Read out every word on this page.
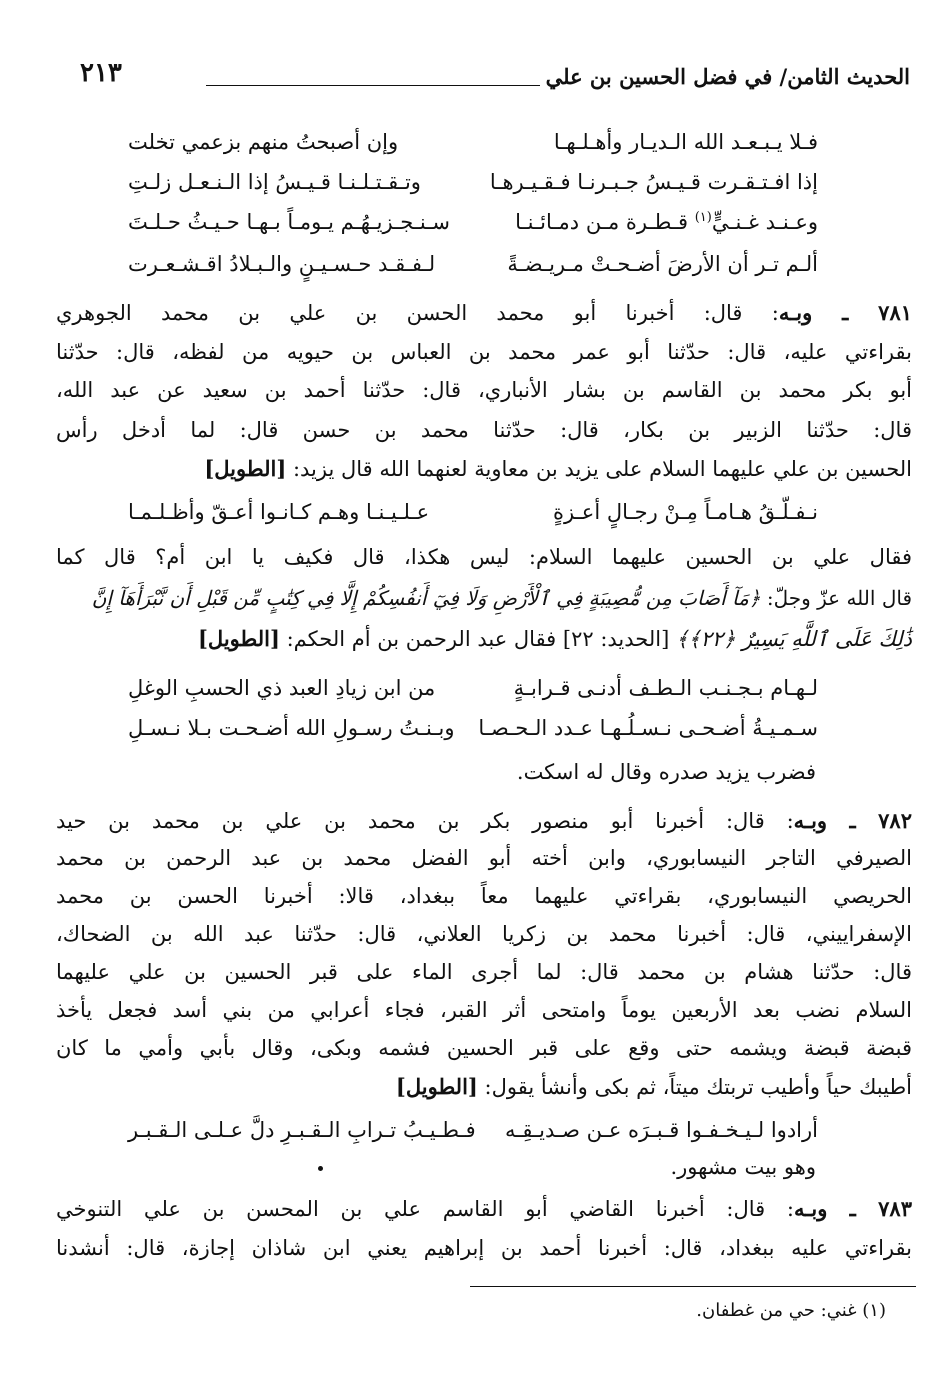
الحديث الثامن/ في فضل الحسين بن علي
٢١٣
فـلا يـبـعـد الله الـديـار وأهـلـهـا
وإن أصبحتُ منهم بزعمي تخلت
إذا افـتـقـرت قـيـسُ جـبـرنـا فـقـيـرهـا
وتـقـتـلـنـا قـيـسُ إذا الـنـعـل زلـتِ
وعـنـد غـنـيٍّ$^{(١)}$ قـطـرة مـن دمـائـنـا
سـنـجـزيـهُـم يـومـاً بـهـا حـيـثُ حـلـتَ
ألـم تـر أن الأرضَ أضـحـتْ مـريـضـةً
لـفـقـد حـسـيـنٍ والـبـلادُ اقـشـعـرت
٧٨١ ـ وبـه: قال: أخبرنا أبو محمد الحسن بن علي بن محمد الجوهري
بقراءتي عليه، قال: حدّثنا أبو عمر محمد بن العباس بن حيويه من لفظه، قال: حدّثنا
أبو بكر محمد بن القاسم بن بشار الأنباري، قال: حدّثنا أحمد بن سعيد عن عبد الله،
قال: حدّثنا الزبير بن بكار، قال: حدّثنا محمد بن حسن قال: لما أدخل رأس
الحسين بن علي عليهما السلام على يزيد بن معاوية لعنهما الله قال يزيد: [الطويل]
نـفـلّـقُ هـامـاً مِـنْ رجـالٍ أعـزةٍ
عـلـيـنـا وهـم كـانـوا أعـقّ وأظـلـمـا
فقال علي بن الحسين عليهما السلام: ليس هكذا، قال فكيف يا ابن أم؟ قال كما
قال الله عزّ وجلّ: ﴿مَآ أَصَابَ مِن مُّصِيبَةٍ فِي ٱلْأَرْضِ وَلَا فِيٓ أَنفُسِكُمْ إِلَّا فِي كِتَٰبٍ مِّن قَبْلِ أَن نَّبْرَأَهَآ إِنَّ
ذَٰلِكَ عَلَى ٱللَّهِ يَسِيرٌ ﴿٢٢﴾﴾ [الحديد: ٢٢] فقال عبد الرحمن بن أم الحكم: [الطويل]
لـهـام بـجـنـب الـطـف أدنـى قـرابـةٍ
من ابن زيادِ العبد ذي الحسبِ الوغلِ
سـمـيـةُ أضـحـى نـسـلُـهـا عـدد الـحـصـا
وبـنـتُ رسـولِ الله أضـحـت بـلا نـسـلِ
فضرب يزيد صدره وقال له اسكت.
٧٨٢ ـ وبـه: قال: أخبرنا أبو منصور بكر بن محمد بن علي بن محمد بن حيد
الصيرفي التاجر النيسابوري، وابن أخته أبو الفضل محمد بن عبد الرحمن بن محمد
الحريصي النيسابوري، بقراءتي عليهما معاً ببغداد، قالا: أخبرنا الحسن بن محمد
الإسفراييني، قال: أخبرنا محمد بن زكريا العلاني، قال: حدّثنا عبد الله بن الضحاك،
قال: حدّثنا هشام بن محمد قال: لما أجرى الماء على قبر الحسين بن علي عليهما
السلام نضب بعد الأربعين يوماً وامتحى أثر القبر، فجاء أعرابي من بني أسد فجعل يأخذ
قبضة قبضة ويشمه حتى وقع على قبر الحسين فشمه وبكى، وقال بأبي وأمي ما كان
أطيبك حياً وأطيب تربتك ميتاً، ثم بكى وأنشأ يقول: [الطويل]
أرادوا لـيـخـفـوا قـبـرَه عـن صـديـقِـه
فـطـيـبُ تـرابِ الـقـبـرِ دلَّ عـلـى الـقـبـر
وهو بيت مشهور.
٧٨٣ ـ وبـه: قال: أخبرنا القاضي أبو القاسم علي بن المحسن بن علي التنوخي
بقراءتي عليه ببغداد، قال: أخبرنا أحمد بن إبراهيم يعني ابن شاذان إجازة، قال: أنشدنا
(١) غني: حي من غطفان.
